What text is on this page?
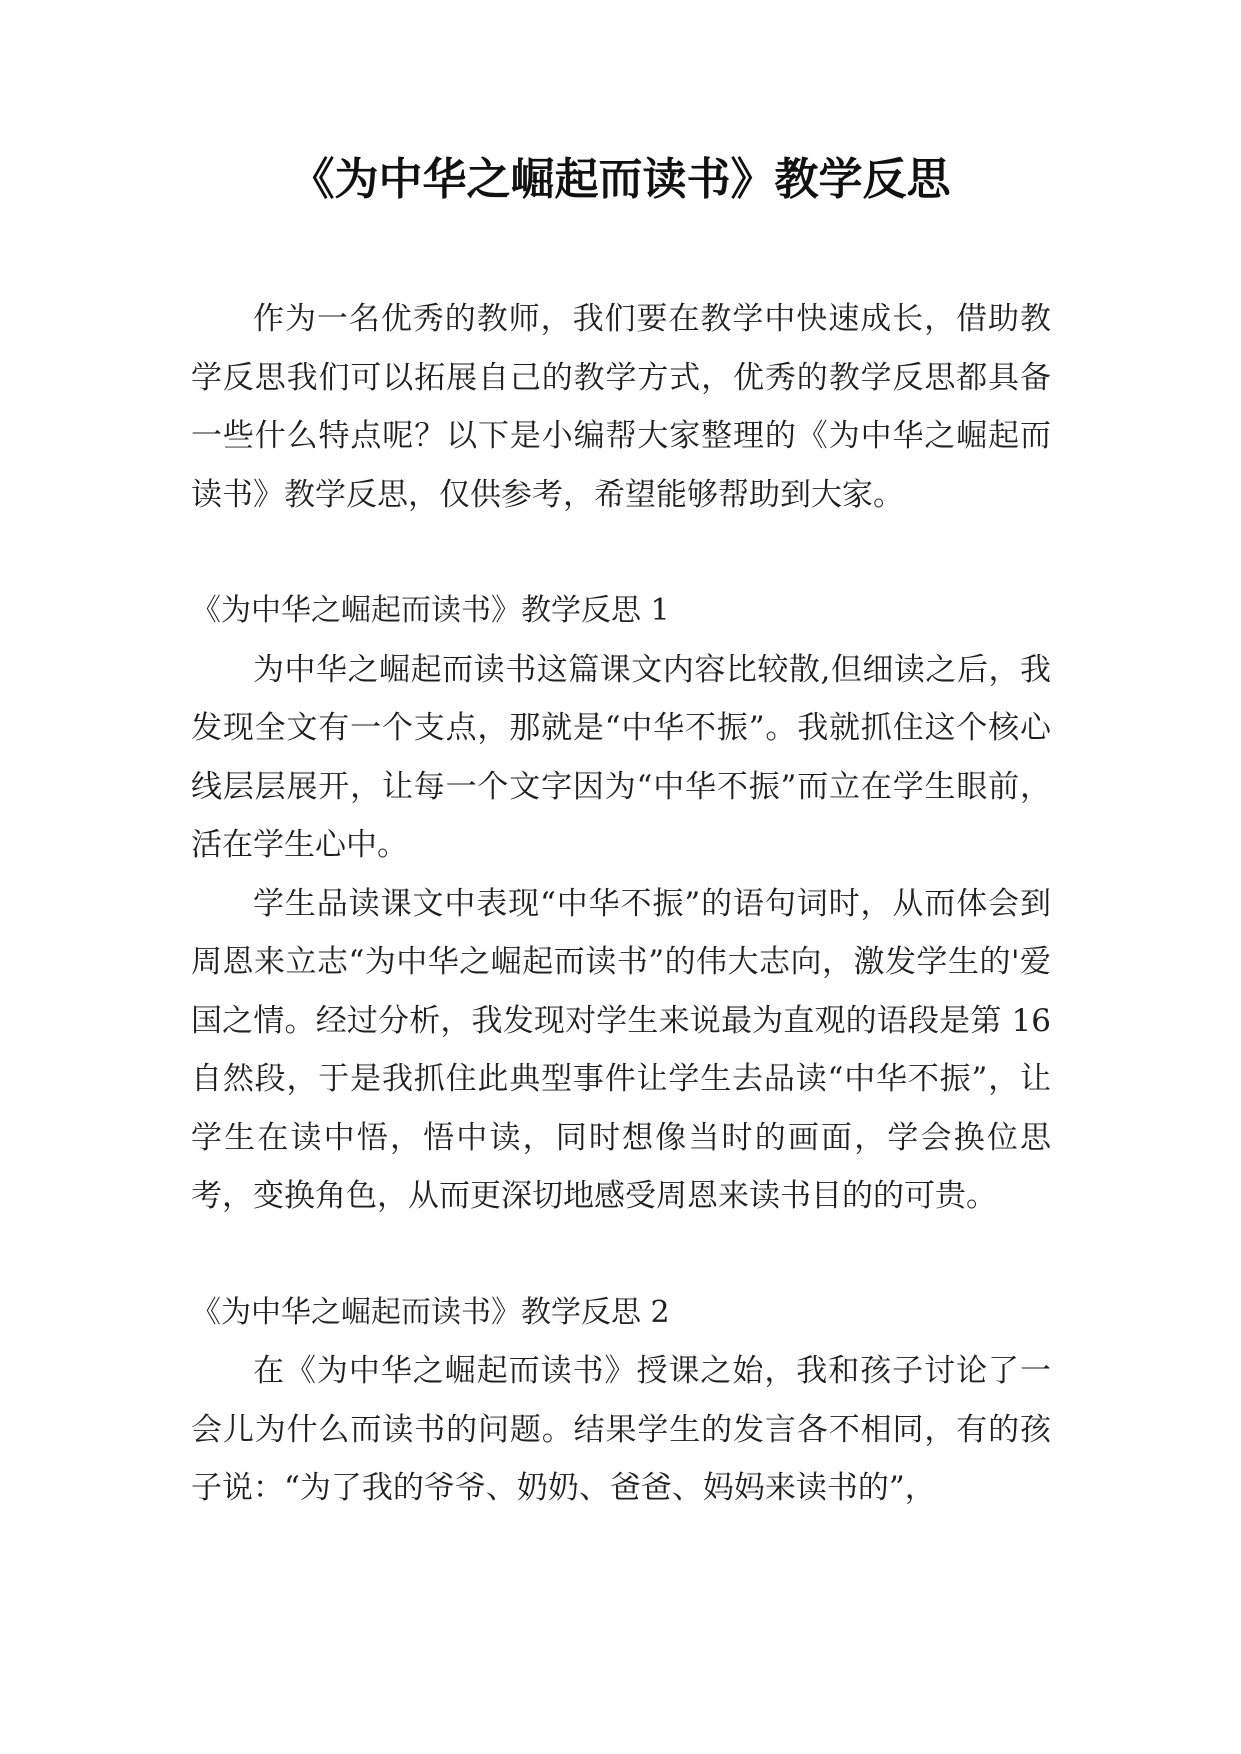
《为中华之崛起而读书》教学反思

作为一名优秀的教师，我们要在教学中快速成长，借助教学反思我们可以拓展自己的教学方式，优秀的教学反思都具备一些什么特点呢？以下是小编帮大家整理的《为中华之崛起而读书》教学反思，仅供参考，希望能够帮助到大家。

《为中华之崛起而读书》教学反思 1

为中华之崛起而读书这篇课文内容比较散,但细读之后，我发现全文有一个支点，那就是“中华不振”。我就抓住这个核心线层层展开，让每一个文字因为“中华不振”而立在学生眼前，活在学生心中。

学生品读课文中表现“中华不振”的语句词时，从而体会到周恩来立志“为中华之崛起而读书”的伟大志向，激发学生的'爱国之情。经过分析，我发现对学生来说最为直观的语段是第 16 自然段，于是我抓住此典型事件让学生去品读“中华不振”，让学生在读中悟，悟中读，同时想像当时的画面，学会换位思考，变换角色，从而更深切地感受周恩来读书目的的可贵。

《为中华之崛起而读书》教学反思 2

在《为中华之崛起而读书》授课之始，我和孩子讨论了一会儿为什么而读书的问题。结果学生的发言各不相同，有的孩子说：“为了我的爷爷、奶奶、爸爸、妈妈来读书的”，
